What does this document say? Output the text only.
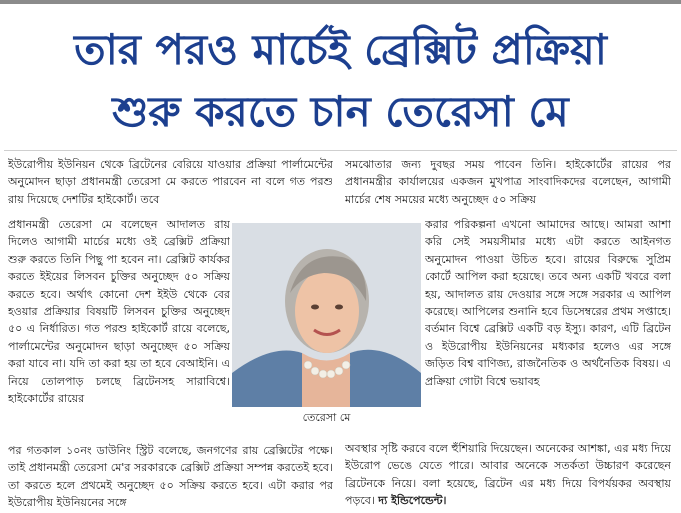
তার পরও মার্চেই ব্রেক্সিট প্রক্রিয়া
শুরু করতে চান তেরেসা মে

ইউরোপীয় ইউনিয়ন থেকে ব্রিটেনের বেরিয়ে যাওয়ার প্রক্রিয়া পার্লামেন্টের অনুমোদন ছাড়া প্রধানমন্ত্রী তেরেসা মে করতে পারবেন না বলে গত পরশু রায় দিয়েছে দেশটির হাইকোর্ট। তবে

প্রধানমন্ত্রী তেরেসা মে বলেছেন আদালত রায় দিলেও আগামী মার্চের মধ্যে ওই ব্রেক্সিট প্রক্রিয়া শুরু করতে তিনি পিছু পা হবেন না। ব্রেক্সিট কার্যকর করতে ইইয়ের লিসবন চুক্তির অনুচ্ছেদ ৫০ সক্রিয় করতে হবে। অর্থাৎ কোনো দেশ ইইউ থেকে বের হওয়ার প্রক্রিয়ার বিষয়টি লিসবন চুক্তির অনুচ্ছেদ ৫০ এ নির্ধারিত। গত পরশু হাইকোর্ট রায়ে বলেছে, পার্লামেন্টের অনুমোদন ছাড়া অনুচ্ছেদ ৫০ সক্রিয় করা যাবে না। যদি তা করা হয় তা হবে বেআইনি। এ নিয়ে তোলপাড় চলছে ব্রিটেনসহ সারাবিশ্বে। হাইকোর্টের রায়ের

পর গতকাল ১০নং ডাউনিং স্ট্রিট বলেছে, জনগণের রায় ব্রেক্সিটের পক্ষে। তাই প্রধানমন্ত্রী তেরেসা মে'র সরকারকে ব্রেক্সিট প্রক্রিয়া সম্পন্ন করতেই হবে। তা করতে হলে প্রথমেই অনুচ্ছেদ ৫০ সক্রিয় করতে হবে। এটা করার পর ইউরোপীয় ইউনিয়নের সঙ্গে

সমঝোতার জন্য দুবছর সময় পাবেন তিনি। হাইকোর্টের রায়ের পর প্রধানমন্ত্রীর কার্যালয়ের একজন মুখপাত্র সাংবাদিকদের বলেছেন, আগামী মার্চের শেষ সময়ের মধ্যে অনুচ্ছেদ ৫০ সক্রিয়

করার পরিকল্পনা এখনো আমাদের আছে। আমরা আশা করি সেই সময়সীমার মধ্যে এটা করতে আইনগত অনুমোদন পাওয়া উচিত হবে। রায়ের বিরুদ্ধে সুপ্রিম কোর্টে আপিল করা হয়েছে। তবে অন্য একটি খবরে বলা হয়, আদালত রায় দেওয়ার সঙ্গে সঙ্গে সরকার এ আপিল করেছে। আপিলের শুনানি হবে ডিসেম্বরের প্রথম সপ্তাহে। বর্তমান বিশ্বে ব্রেক্সিট একটি বড় ইস্যু। কারণ, এটি ব্রিটেন ও ইউরোপীয় ইউনিয়নের মধ্যকার হলেও এর সঙ্গে জড়িত বিশ্ব বাণিজ্য, রাজনৈতিক ও অর্থনৈতিক বিষয়। এ প্রক্রিয়া গোটা বিশ্বে ভয়াবহ

অবস্থার সৃষ্টি করবে বলে হুঁশিয়ারি দিয়েছেন। অনেকের আশঙ্কা, এর মধ্য দিয়ে ইউরোপ ভেঙে যেতে পারে। আবার অনেকে সতর্কতা উচ্চারণ করেছেন ব্রিটেনকে নিয়ে। বলা হয়েছে, ব্রিটেন এর মধ্য দিয়ে বিপর্যয়কর অবস্থায় পড়বে। দ্য ইন্ডিপেন্ডেন্ট।

তেরেসা মে
